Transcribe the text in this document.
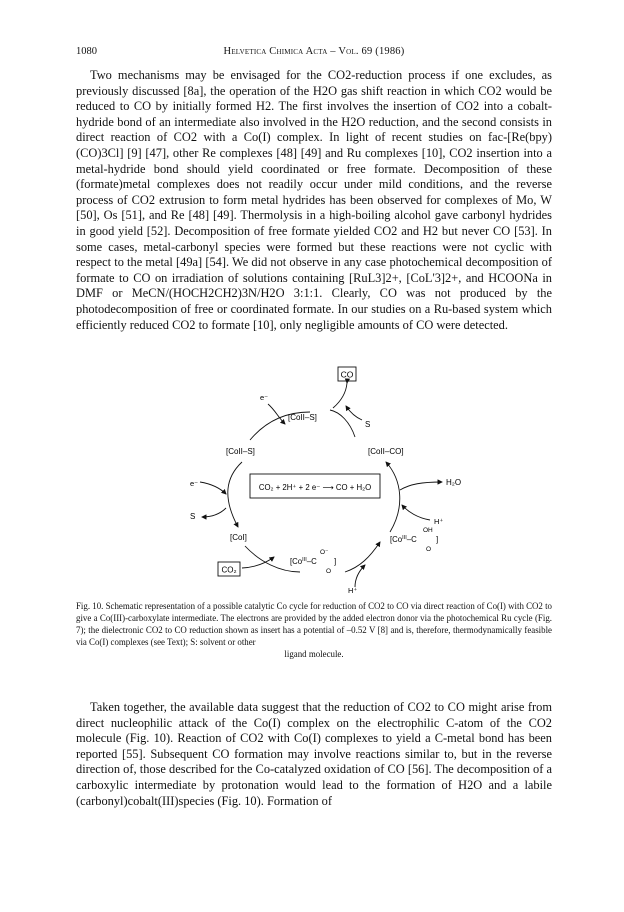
1080	Helvetica Chimica Acta – Vol. 69 (1986)

Two mechanisms may be envisaged for the CO2-reduction process if one excludes, as previously discussed [8a], the operation of the H2O gas shift reaction in which CO2 would be reduced to CO by initially formed H2. The first involves the insertion of CO2 into a cobalt-hydride bond of an intermediate also involved in the H2O reduction, and the second consists in direct reaction of CO2 with a Co(I) complex. In light of recent studies on fac-[Re(bpy)(CO)3Cl] [9] [47], other Re complexes [48] [49] and Ru complexes [10], CO2 insertion into a metal-hydride bond should yield coordinated or free formate. Decomposition of these (formate)metal complexes does not readily occur under mild conditions, and the reverse process of CO2 extrusion to form metal hydrides has been observed for complexes of Mo, W [50], Os [51], and Re [48] [49]. Thermolysis in a high-boiling alcohol gave carbonyl hydrides in good yield [52]. Decomposition of free formate yielded CO2 and H2 but never CO [53]. In some cases, metal-carbonyl species were formed but these reactions were not cyclic with respect to the metal [49a] [54]. We did not observe in any case photochemical decomposition of formate to CO on irradiation of solutions containing [RuL3]2+, [CoL'3]2+, and HCOONa in DMF or MeCN/(HOCH2CH2)3N/H2O 3:1:1. Clearly, CO was not produced by the photodecomposition of free or coordinated formate. In our studies on a Ru-based system which efficiently reduced CO2 to formate [10], only negligible amounts of CO were detected.

CO
[CoII–S]
e⁻
S
[CoII–S]	[CoII–CO]
e⁻
S
H₂O
H⁺
CO₂ + 2H⁺ + 2 e⁻ ⟶ CO + H₂O
[CoI]
CO₂
[$Co^{III}-C$
O⁻
O
]
H⁺
[$Co^{III}-C$
OH
O
]

Fig. 10. Schematic representation of a possible catalytic Co cycle for reduction of CO2 to CO via direct reaction of Co(I) with CO2 to give a Co(III)-carboxylate intermediate. The electrons are provided by the added electron donor via the photochemical Ru cycle (Fig. 7); the dielectronic CO2 to CO reduction shown as insert has a potential of –0.52 V [8] and is, therefore, thermodynamically feasible via Co(I) complexes (see Text); S: solvent or other
ligand molecule.

Taken together, the available data suggest that the reduction of CO2 to CO might arise from direct nucleophilic attack of the Co(I) complex on the electrophilic C-atom of the CO2 molecule (Fig. 10). Reaction of CO2 with Co(I) complexes to yield a C-metal bond has been reported [55]. Subsequent CO formation may involve reactions similar to, but in the reverse direction of, those described for the Co-catalyzed oxidation of CO [56]. The decomposition of a carboxylic intermediate by protonation would lead to the formation of H2O and a labile (carbonyl)cobalt(III)species (Fig. 10). Formation of
